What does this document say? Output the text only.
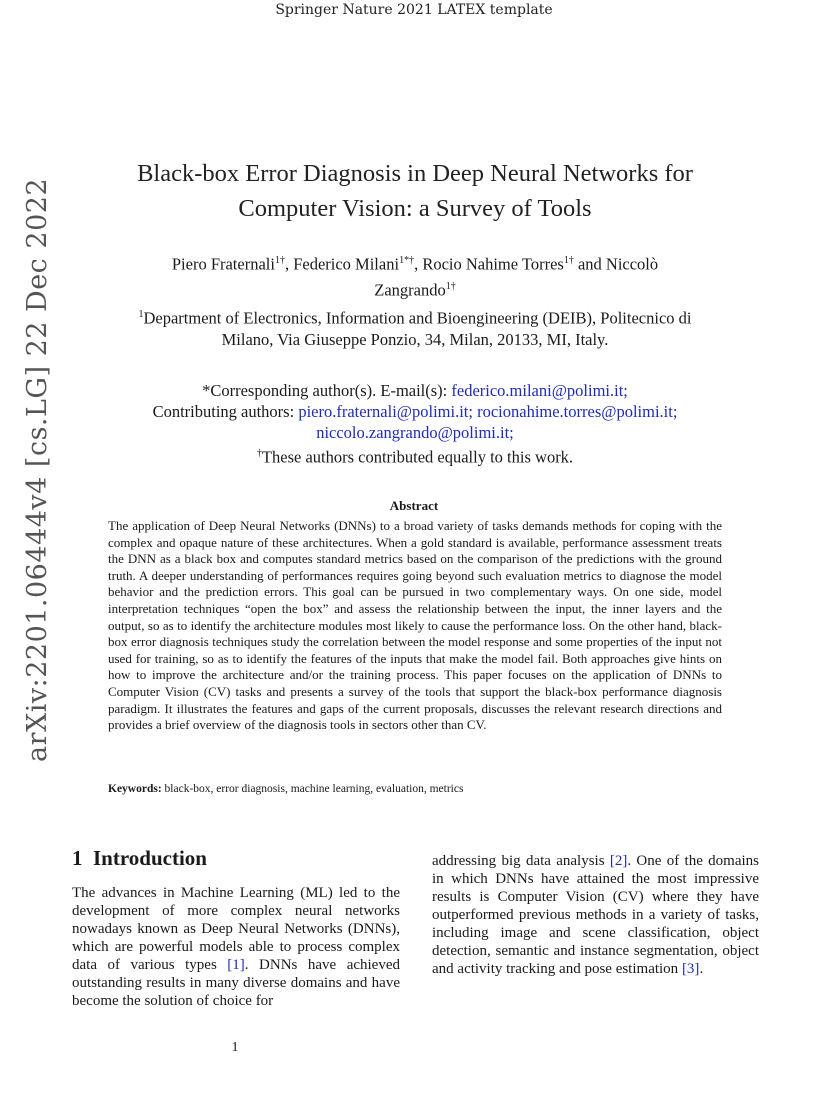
Springer Nature 2021 LATEX template
arXiv:2201.06444v4 [cs.LG] 22 Dec 2022
Black-box Error Diagnosis in Deep Neural Networks for
Computer Vision: a Survey of Tools
Piero Fraternali$^{1\dagger}$, Federico Milani$^{1*\dagger}$, Rocio Nahime Torres$^{1\dagger}$ and Niccolò
Zangrando$^{1\dagger}$
$^1$Department of Electronics, Information and Bioengineering (DEIB), Politecnico di
Milano, Via Giuseppe Ponzio, 34, Milan, 20133, MI, Italy.
*Corresponding author(s). E-mail(s): federico.milani@polimi.it;
Contributing authors: piero.fraternali@polimi.it; rocionahime.torres@polimi.it;
niccolo.zangrando@polimi.it;
†These authors contributed equally to this work.
Abstract
The application of Deep Neural Networks (DNNs) to a broad variety of tasks demands methods for coping with the complex and opaque nature of these architectures. When a gold standard is available, performance assessment treats the DNN as a black box and computes standard metrics based on the comparison of the predictions with the ground truth. A deeper understanding of performances requires going beyond such evaluation metrics to diagnose the model behavior and the prediction errors. This goal can be pursued in two complementary ways. On one side, model interpretation techniques “open the box” and assess the relationship between the input, the inner layers and the output, so as to identify the architecture modules most likely to cause the performance loss. On the other hand, black-box error diagnosis techniques study the correlation between the model response and some properties of the input not used for training, so as to identify the features of the inputs that make the model fail. Both approaches give hints on how to improve the architecture and/or the training process. This paper focuses on the application of DNNs to Computer Vision (CV) tasks and presents a survey of the tools that support the black-box performance diagnosis paradigm. It illustrates the features and gaps of the current proposals, discusses the relevant research directions and provides a brief overview of the diagnosis tools in sectors other than CV.
Keywords: black-box, error diagnosis, machine learning, evaluation, metrics
1 Introduction
The advances in Machine Learning (ML) led to the development of more complex neural networks nowadays known as Deep Neural Networks (DNNs), which are powerful models able to process complex data of various types [1]. DNNs have achieved outstanding results in many diverse domains and have become the solution of choice for
addressing big data analysis [2]. One of the domains in which DNNs have attained the most impressive results is Computer Vision (CV) where they have outperformed previous methods in a variety of tasks, including image and scene classification, object detection, semantic and instance segmentation, object and activity tracking and pose estimation [3].
1
